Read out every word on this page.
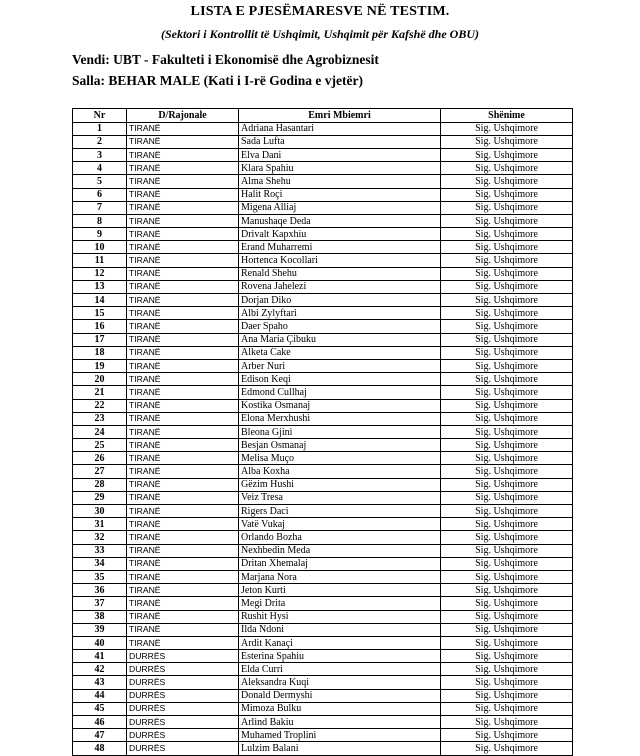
LISTA E PJESËMARESVE NË TESTIM.
(Sektori i Kontrollit të Ushqimit, Ushqimit për Kafshë dhe OBU)
Vendi: UBT - Fakulteti i Ekonomisë dhe Agrobiznesit
Salla: BEHAR MALE (Kati i I-rë Godina e vjetër)
Nr	D/Rajonale	Emri Mbiemri	Shënime
1	TIRANË	Adriana Hasantari	Sig. Ushqimore
2	TIRANË	Sada Lufta	Sig. Ushqimore
3	TIRANË	Elva Dani	Sig. Ushqimore
4	TIRANË	Klara Spahiu	Sig. Ushqimore
5	TIRANË	Alma Shehu	Sig. Ushqimore
6	TIRANË	Halit Roçi	Sig. Ushqimore
7	TIRANË	Migena Alliaj	Sig. Ushqimore
8	TIRANË	Manushaqe Deda	Sig. Ushqimore
9	TIRANË	Drivalt Kapxhiu	Sig. Ushqimore
10	TIRANË	Erand Muharremi	Sig. Ushqimore
11	TIRANË	Hortenca Kocollari	Sig. Ushqimore
12	TIRANË	Renald Shehu	Sig. Ushqimore
13	TIRANË	Rovena Jahelezi	Sig. Ushqimore
14	TIRANË	Dorjan Diko	Sig. Ushqimore
15	TIRANË	Albi Zylyftari	Sig. Ushqimore
16	TIRANË	Daer Spaho	Sig. Ushqimore
17	TIRANË	Ana Maria Çibuku	Sig. Ushqimore
18	TIRANË	Alketa Cake	Sig. Ushqimore
19	TIRANË	Arber Nuri	Sig. Ushqimore
20	TIRANË	Edison Keqi	Sig. Ushqimore
21	TIRANË	Edmond Cullhaj	Sig. Ushqimore
22	TIRANË	Kostika Osmanaj	Sig. Ushqimore
23	TIRANË	Elona Merxhushi	Sig. Ushqimore
24	TIRANË	Bleona Gjini	Sig. Ushqimore
25	TIRANË	Besjan Osmanaj	Sig. Ushqimore
26	TIRANË	Melisa Muço	Sig. Ushqimore
27	TIRANË	Alba Koxha	Sig. Ushqimore
28	TIRANË	Gëzim Hushi	Sig. Ushqimore
29	TIRANË	Veiz Tresa	Sig. Ushqimore
30	TIRANË	Rigers Daci	Sig. Ushqimore
31	TIRANË	Vatë Vukaj	Sig. Ushqimore
32	TIRANË	Orlando Bozha	Sig. Ushqimore
33	TIRANË	Nexhbedin Meda	Sig. Ushqimore
34	TIRANË	Dritan Xhemalaj	Sig. Ushqimore
35	TIRANË	Marjana Nora	Sig. Ushqimore
36	TIRANË	Jeton Kurti	Sig. Ushqimore
37	TIRANË	Megi Drita	Sig. Ushqimore
38	TIRANË	Rushit Hysi	Sig. Ushqimore
39	TIRANË	Ilda Ndoni	Sig. Ushqimore
40	TIRANË	Ardit Kanaçi	Sig. Ushqimore
41	DURRËS	Esterina Spahiu	Sig. Ushqimore
42	DURRËS	Elda Curri	Sig. Ushqimore
43	DURRËS	Aleksandra Kuqi	Sig. Ushqimore
44	DURRËS	Donald Dermyshi	Sig. Ushqimore
45	DURRËS	Mimoza Bulku	Sig. Ushqimore
46	DURRËS	Arlind Bakiu	Sig. Ushqimore
47	DURRËS	Muhamed Troplini	Sig. Ushqimore
48	DURRËS	Lulzim Balani	Sig. Ushqimore
